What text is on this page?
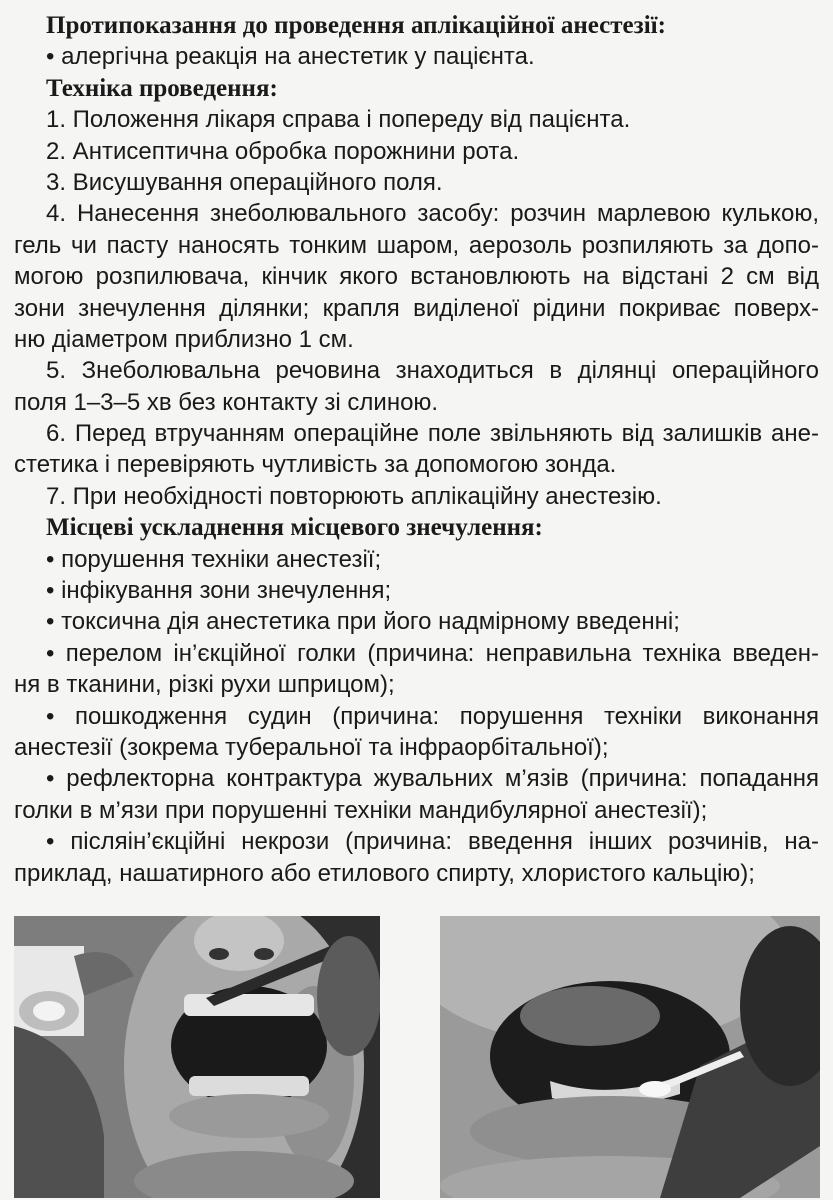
Протипоказання до проведення аплікаційної анестезії:
• алергічна реакція на анестетик у пацієнта.
Техніка проведення:
1. Положення лікаря справа і попереду від пацієнта.
2. Антисептична обробка порожнини рота.
3. Висушування операційного поля.
4. Нанесення знеболювального засобу: розчин марлевою кулькою,
гель чи пасту наносять тонким шаром, аерозоль розпиляють за допо-
могою розпилювача, кінчик якого встановлюють на відстані 2 см від
зони знечулення ділянки; крапля виділеної рідини покриває поверх-
ню діаметром приблизно 1 см.
5. Знеболювальна речовина знаходиться в ділянці операційного
поля 1–3–5 хв без контакту зі слиною.
6. Перед втручанням операційне поле звільняють від залишків ане-
стетика і перевіряють чутливість за допомогою зонда.
7. При необхідності повторюють аплікаційну анестезію.
Місцеві ускладнення місцевого знечулення:
• порушення техніки анестезії;
• інфікування зони знечулення;
• токсична дія анестетика при його надмірному введенні;
• перелом ін’єкційної голки (причина: неправильна техніка введен-
ня в тканини, різкі рухи шприцом);
• пошкодження судин (причина: порушення техніки виконання
анестезії (зокрема туберальної та інфраорбітальної);
• рефлекторна контрактура жувальних м’язів (причина: попадання
голки в м’язи при порушенні техніки мандибулярної анестезії);
• післяін’єкційні некрози (причина: введення інших розчинів, на-
приклад, нашатирного або етилового спирту, хлористого кальцію);
